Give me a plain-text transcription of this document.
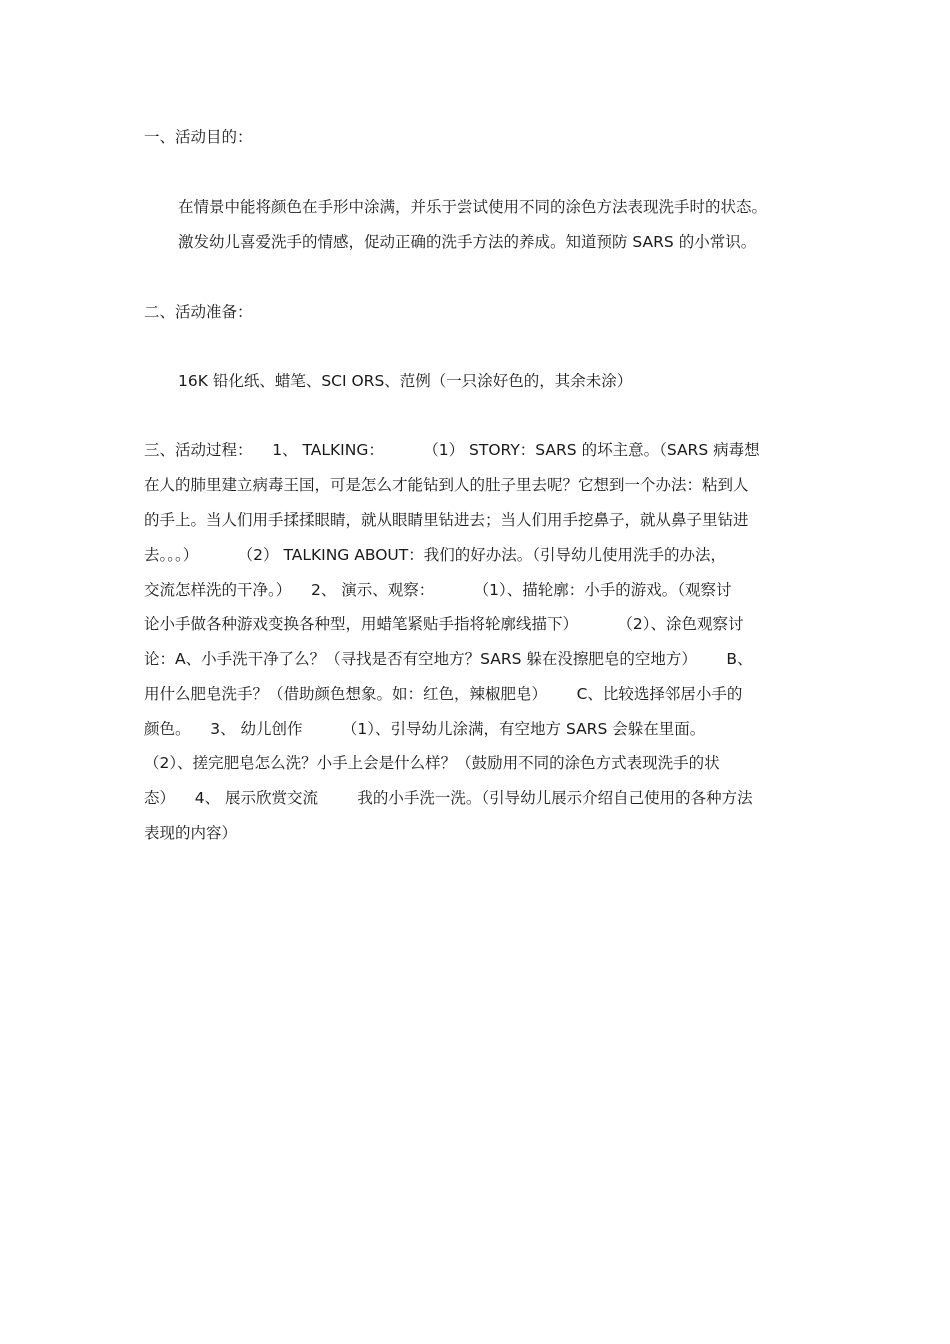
一、活动目的：

在情景中能将颜色在手形中涂满，并乐于尝试使用不同的涂色方法表现洗手时的状态。

激发幼儿喜爱洗手的情感，促动正确的洗手方法的养成。知道预防 SARS 的小常识。

二、活动准备：

16K 铅化纸、蜡笔、SCI ORS、范例（一只涂好色的，其余未涂）

三、活动过程：    1、 TALKING：        （1） STORY：SARS 的坏主意。（SARS 病毒想

在人的肺里建立病毒王国，可是怎么才能钻到人的肚子里去呢？它想到一个办法：粘到人

的手上。当人们用手揉揉眼睛，就从眼睛里钻进去；当人们用手挖鼻子，就从鼻子里钻进

去。。。）        （2） TALKING ABOUT：我们的好办法。（引导幼儿使用洗手的办法，

交流怎样洗的干净。）    2、 演示、观察：        （1）、描轮廓：小手的游戏。（观察讨

论小手做各种游戏变换各种型，用蜡笔紧贴手指将轮廓线描下）        （2）、涂色观察讨

论：A、小手洗干净了么？（寻找是否有空地方？SARS 躲在没擦肥皂的空地方）      B、

用什么肥皂洗手？（借助颜色想象。如：红色，辣椒肥皂）      C、比较选择邻居小手的

颜色。    3、 幼儿创作        （1）、引导幼儿涂满，有空地方 SARS 会躲在里面。

（2）、搓完肥皂怎么洗？小手上会是什么样？（鼓励用不同的涂色方式表现洗手的状

态）    4、 展示欣赏交流        我的小手洗一洗。（引导幼儿展示介绍自己使用的各种方法

表现的内容）
